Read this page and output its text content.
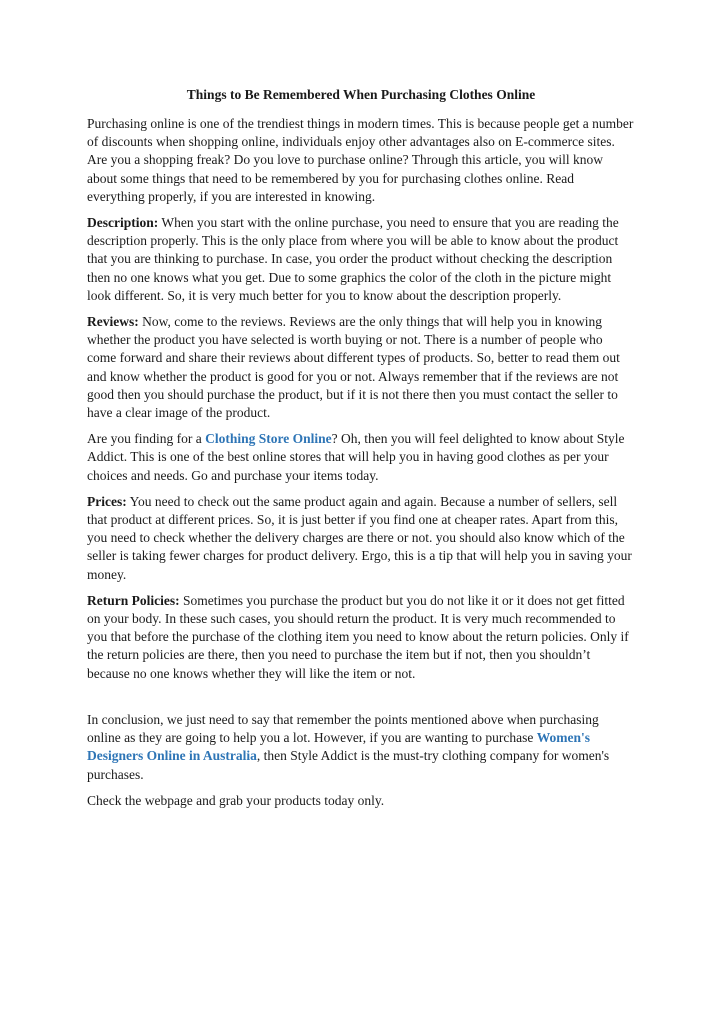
Things to Be Remembered When Purchasing Clothes Online

Purchasing online is one of the trendiest things in modern times. This is because people get a number of discounts when shopping online, individuals enjoy other advantages also on E-commerce sites. Are you a shopping freak? Do you love to purchase online? Through this article, you will know about some things that need to be remembered by you for purchasing clothes online. Read everything properly, if you are interested in knowing.

Description: When you start with the online purchase, you need to ensure that you are reading the description properly. This is the only place from where you will be able to know about the product that you are thinking to purchase. In case, you order the product without checking the description then no one knows what you get. Due to some graphics the color of the cloth in the picture might look different. So, it is very much better for you to know about the description properly.

Reviews: Now, come to the reviews. Reviews are the only things that will help you in knowing whether the product you have selected is worth buying or not. There is a number of people who come forward and share their reviews about different types of products. So, better to read them out and know whether the product is good for you or not. Always remember that if the reviews are not good then you should purchase the product, but if it is not there then you must contact the seller to have a clear image of the product.

Are you finding for a Clothing Store Online? Oh, then you will feel delighted to know about Style Addict. This is one of the best online stores that will help you in having good clothes as per your choices and needs. Go and purchase your items today.

Prices: You need to check out the same product again and again. Because a number of sellers, sell that product at different prices. So, it is just better if you find one at cheaper rates. Apart from this, you need to check whether the delivery charges are there or not. you should also know which of the seller is taking fewer charges for product delivery. Ergo, this is a tip that will help you in saving your money.

Return Policies: Sometimes you purchase the product but you do not like it or it does not get fitted on your body. In these such cases, you should return the product. It is very much recommended to you that before the purchase of the clothing item you need to know about the return policies. Only if the return policies are there, then you need to purchase the item but if not, then you shouldn’t because no one knows whether they will like the item or not.

In conclusion, we just need to say that remember the points mentioned above when purchasing online as they are going to help you a lot. However, if you are wanting to purchase Women's Designers Online in Australia, then Style Addict is the must-try clothing company for women's purchases.

Check the webpage and grab your products today only.
